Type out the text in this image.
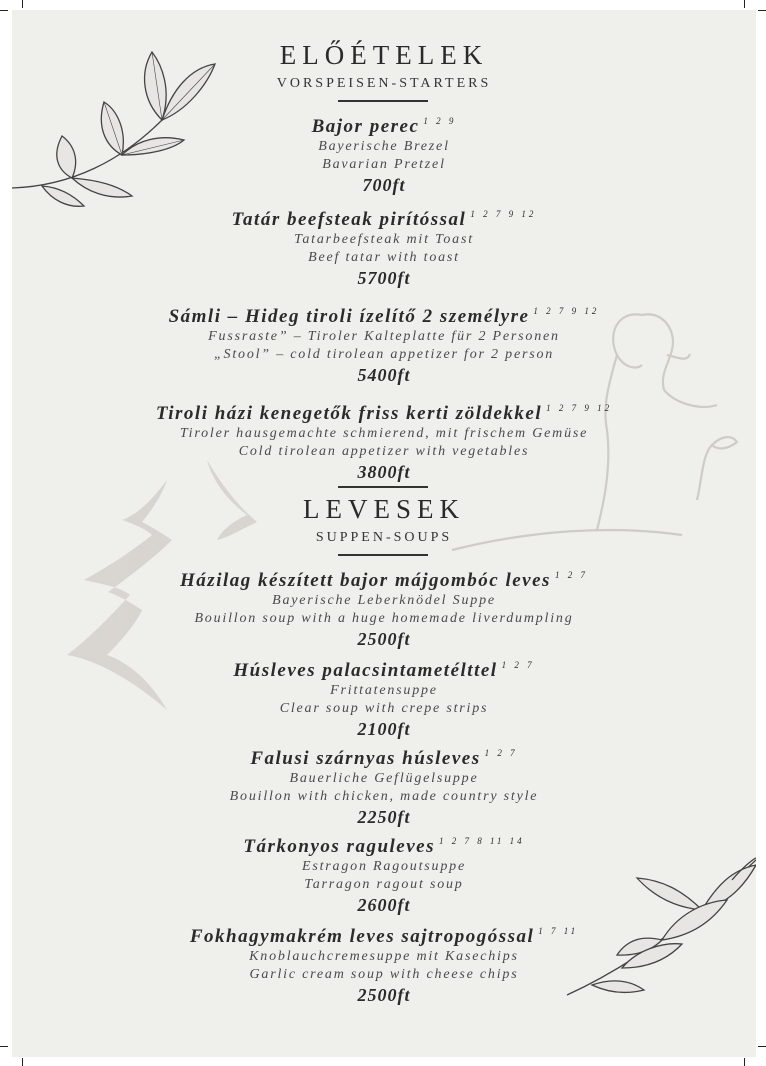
ELŐÉTELEK
VORSPEISEN-STARTERS
Bajor perec $^{1 2 9}$
Bayerische Brezel
Bavarian Pretzel
700ft
Tatár beefsteak pirítóssal $^{1 2 7 9 12}$
Tatarbeefsteak mit Toast
Beef tatar with toast
5700ft
Sámli – Hideg tiroli ízelítő 2 személyre $^{1 2 7 9 12}$
Fussraste” – Tiroler Kalteplatte für 2 Personen
„Stool” – cold tirolean appetizer for 2 person
5400ft
Tiroli házi kenegetők friss kerti zöldekkel $^{1 2 7 9 12}$
Tiroler hausgemachte schmierend, mit frischem Gemüse
Cold tirolean appetizer with vegetables
3800ft
LEVESEK
SUPPEN-SOUPS
Házilag készített bajor májgombóc leves $^{1 2 7}$
Bayerische Leberknödel Suppe
Bouillon soup with a huge homemade liverdumpling
2500ft
Húsleves palacsintametélttel $^{1 2 7}$
Frittatensuppe
Clear soup with crepe strips
2100ft
Falusi szárnyas húsleves $^{1 2 7}$
Bauerliche Geflügelsuppe
Bouillon with chicken, made country style
2250ft
Tárkonyos raguleves $^{1 2 7 8 11 14}$
Estragon Ragoutsuppe
Tarragon ragout soup
2600ft
Fokhagymakrém leves sajtropogóssal $^{1 7 11}$
Knoblauchcremesuppe mit Kasechips
Garlic cream soup with cheese chips
2500ft
